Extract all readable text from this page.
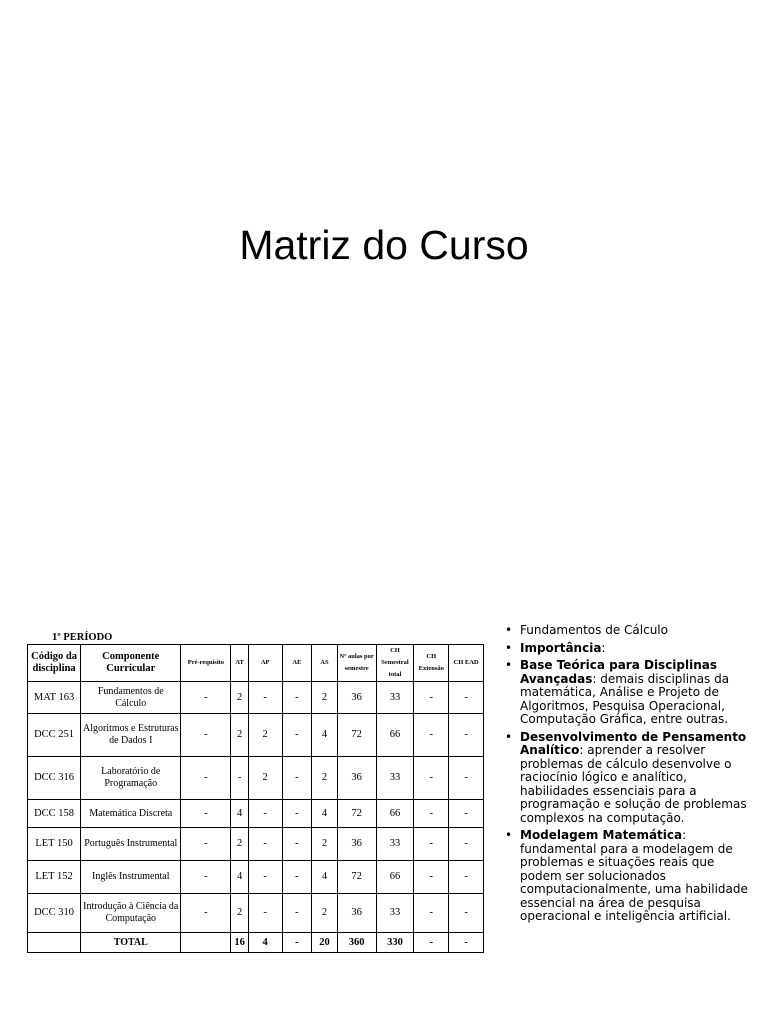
Matriz do Curso
1º PERÍODO
Código da disciplina	Componente Curricular	Pré-requisito	AT	AP	AE	AS	Nº aulas por semestre	CH Semestral total	CH Extensão	CH EAD
MAT 163	Fundamentos de Cálculo	-	2	-	-	2	36	33	-	-
DCC 251	Algoritmos e Estruturas de Dados I	-	2	2	-	4	72	66	-	-
DCC 316	Laboratório de Programação	-	-	2	-	2	36	33	-	-
DCC 158	Matemática Discreta	-	4	-	-	4	72	66	-	-
LET 150	Português Instrumental	-	2	-	-	2	36	33	-	-
LET 152	Inglês Instrumental	-	4	-	-	4	72	66	-	-
DCC 310	Introdução à Ciência da Computação	-	2	-	-	2	36	33	-	-
	TOTAL		16	4	-	20	360	330	-	-
• Fundamentos de Cálculo
• Importância:
• Base Teórica para Disciplinas Avançadas: demais disciplinas da matemática, Análise e Projeto de Algoritmos, Pesquisa Operacional, Computação Gráfica, entre outras.
• Desenvolvimento de Pensamento Analítico: aprender a resolver problemas de cálculo desenvolve o raciocínio lógico e analítico, habilidades essenciais para a programação e solução de problemas complexos na computação.
• Modelagem Matemática: fundamental para a modelagem de problemas e situações reais que podem ser solucionados computacionalmente, uma habilidade essencial na área de pesquisa operacional e inteligência artificial.
